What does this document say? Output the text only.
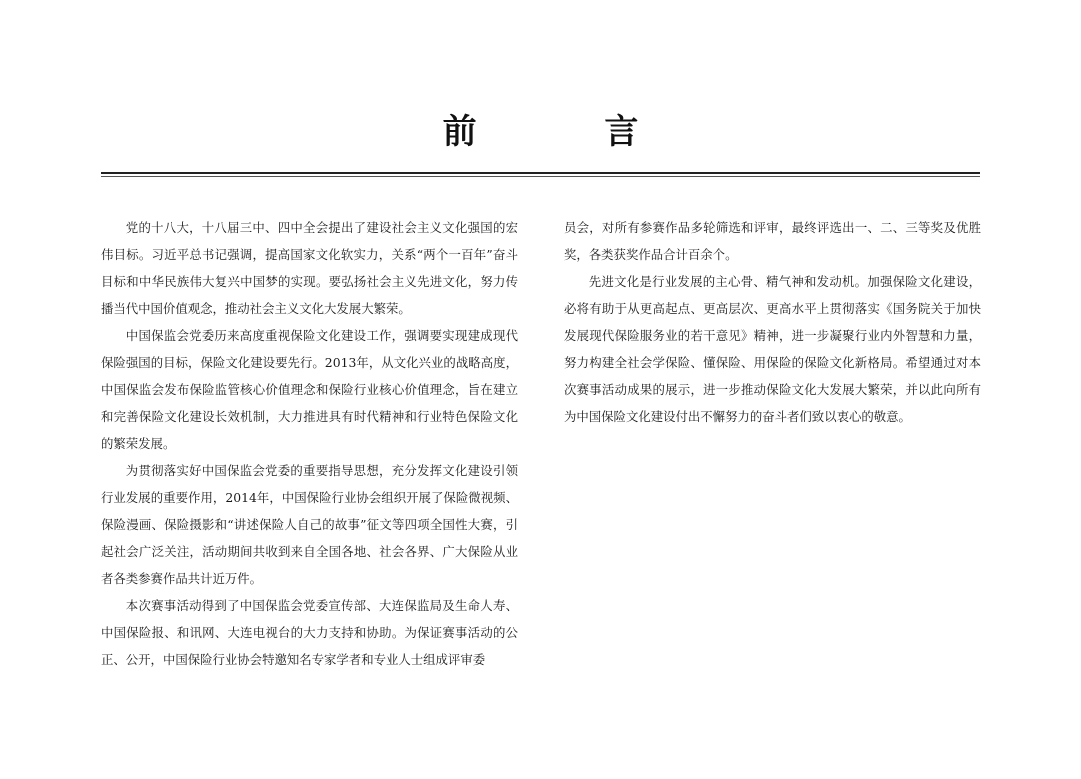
前 言

党的十八大，十八届三中、四中全会提出了建设社会主义文化强国的宏伟目标。习近平总书记强调，提高国家文化软实力，关系“两个一百年”奋斗目标和中华民族伟大复兴中国梦的实现。要弘扬社会主义先进文化，努力传播当代中国价值观念，推动社会主义文化大发展大繁荣。

中国保监会党委历来高度重视保险文化建设工作，强调要实现建成现代保险强国的目标，保险文化建设要先行。2013年，从文化兴业的战略高度，中国保监会发布保险监管核心价值理念和保险行业核心价值理念，旨在建立和完善保险文化建设长效机制，大力推进具有时代精神和行业特色保险文化的繁荣发展。

为贯彻落实好中国保监会党委的重要指导思想，充分发挥文化建设引领行业发展的重要作用，2014年，中国保险行业协会组织开展了保险微视频、保险漫画、保险摄影和“讲述保险人自己的故事”征文等四项全国性大赛，引起社会广泛关注，活动期间共收到来自全国各地、社会各界、广大保险从业者各类参赛作品共计近万件。

本次赛事活动得到了中国保监会党委宣传部、大连保监局及生命人寿、中国保险报、和讯网、大连电视台的大力支持和协助。为保证赛事活动的公正、公开，中国保险行业协会特邀知名专家学者和专业人士组成评审委

员会，对所有参赛作品多轮筛选和评审，最终评选出一、二、三等奖及优胜奖，各类获奖作品合计百余个。

先进文化是行业发展的主心骨、精气神和发动机。加强保险文化建设，必将有助于从更高起点、更高层次、更高水平上贯彻落实《国务院关于加快发展现代保险服务业的若干意见》精神，进一步凝聚行业内外智慧和力量，努力构建全社会学保险、懂保险、用保险的保险文化新格局。希望通过对本次赛事活动成果的展示，进一步推动保险文化大发展大繁荣，并以此向所有为中国保险文化建设付出不懈努力的奋斗者们致以衷心的敬意。
